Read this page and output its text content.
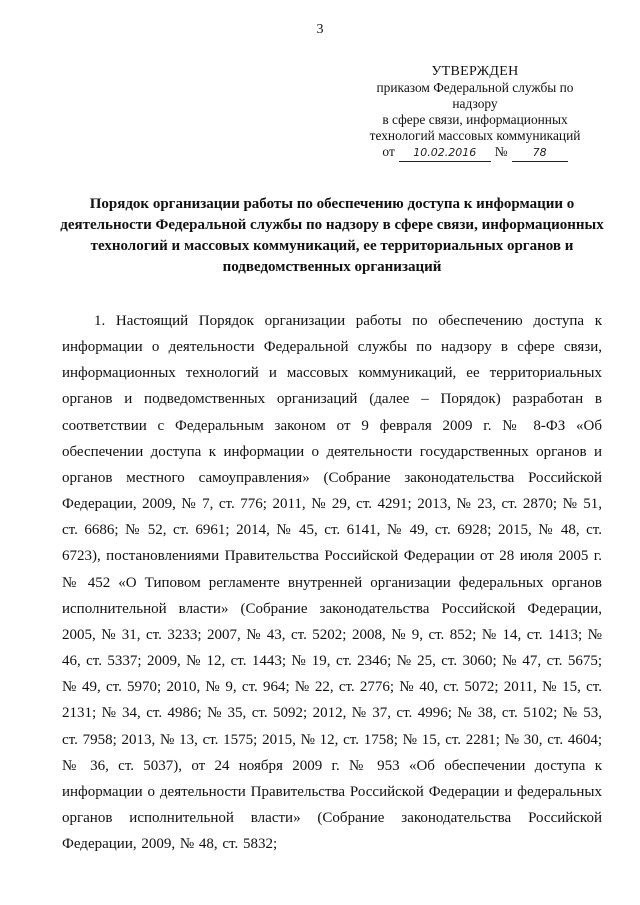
3
УТВЕРЖДЕН
приказом Федеральной службы по надзору
в сфере связи, информационных
технологий массовых коммуникаций
от	10.02.2016	№	78
Порядок организации работы по обеспечению доступа к информации о деятельности Федеральной службы по надзору в сфере связи, информационных технологий и массовых коммуникаций, ее территориальных органов и подведомственных организаций
1. Настоящий Порядок организации работы по обеспечению доступа к информации о деятельности Федеральной службы по надзору в сфере связи, информационных технологий и массовых коммуникаций, ее территориальных органов и подведомственных организаций (далее – Порядок) разработан в соответствии с Федеральным законом от 9 февраля 2009 г. № 8-ФЗ «Об обеспечении доступа к информации о деятельности государственных органов и органов местного самоуправления» (Собрание законодательства Российской Федерации, 2009, № 7, ст. 776; 2011, № 29, ст. 4291; 2013, № 23, ст. 2870; № 51, ст. 6686; № 52, ст. 6961; 2014, № 45, ст. 6141, № 49, ст. 6928; 2015, № 48, ст. 6723), постановлениями Правительства Российской Федерации от 28 июля 2005 г. № 452 «О Типовом регламенте внутренней организации федеральных органов исполнительной власти» (Собрание законодательства Российской Федерации, 2005, № 31, ст. 3233; 2007, № 43, ст. 5202; 2008, № 9, ст. 852; № 14, ст. 1413; № 46, ст. 5337; 2009, № 12, ст. 1443; № 19, ст. 2346; № 25, ст. 3060; № 47, ст. 5675; № 49, ст. 5970; 2010, № 9, ст. 964; № 22, ст. 2776; № 40, ст. 5072; 2011, № 15, ст. 2131; № 34, ст. 4986; № 35, ст. 5092; 2012, № 37, ст. 4996; № 38, ст. 5102; № 53, ст. 7958; 2013, № 13, ст. 1575; 2015, № 12, ст. 1758; № 15, ст. 2281; № 30, ст. 4604; № 36, ст. 5037), от 24 ноября 2009 г. № 953 «Об обеспечении доступа к информации о деятельности Правительства Российской Федерации и федеральных органов исполнительной власти» (Собрание законодательства Российской Федерации, 2009, № 48, ст. 5832;
